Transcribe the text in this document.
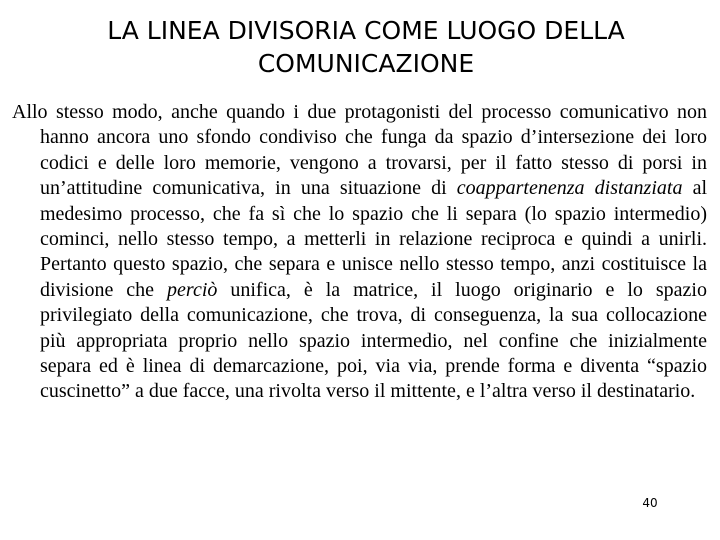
LA LINEA DIVISORIA COME LUOGO DELLA COMUNICAZIONE

Allo stesso modo, anche quando i due protagonisti del processo comunicativo non hanno ancora uno sfondo condiviso che funga da spazio d’intersezione dei loro codici e delle loro memorie, vengono a trovarsi, per il fatto stesso di porsi in un’attitudine comunicativa, in una situazione di coappartenenza distanziata al medesimo processo, che fa sì che lo spazio che li separa (lo spazio intermedio) cominci, nello stesso tempo, a metterli in relazione reciproca e quindi a unirli. Pertanto questo spazio, che separa e unisce nello stesso tempo, anzi costituisce la divisione che perciò unifica, è la matrice, il luogo originario e lo spazio privilegiato della comunicazione, che trova, di conseguenza, la sua collocazione più appropriata proprio nello spazio intermedio, nel confine che inizialmente separa ed è linea di demarcazione, poi, via via, prende forma e diventa “spazio cuscinetto” a due facce, una rivolta verso il mittente, e l’altra verso il destinatario.

40
